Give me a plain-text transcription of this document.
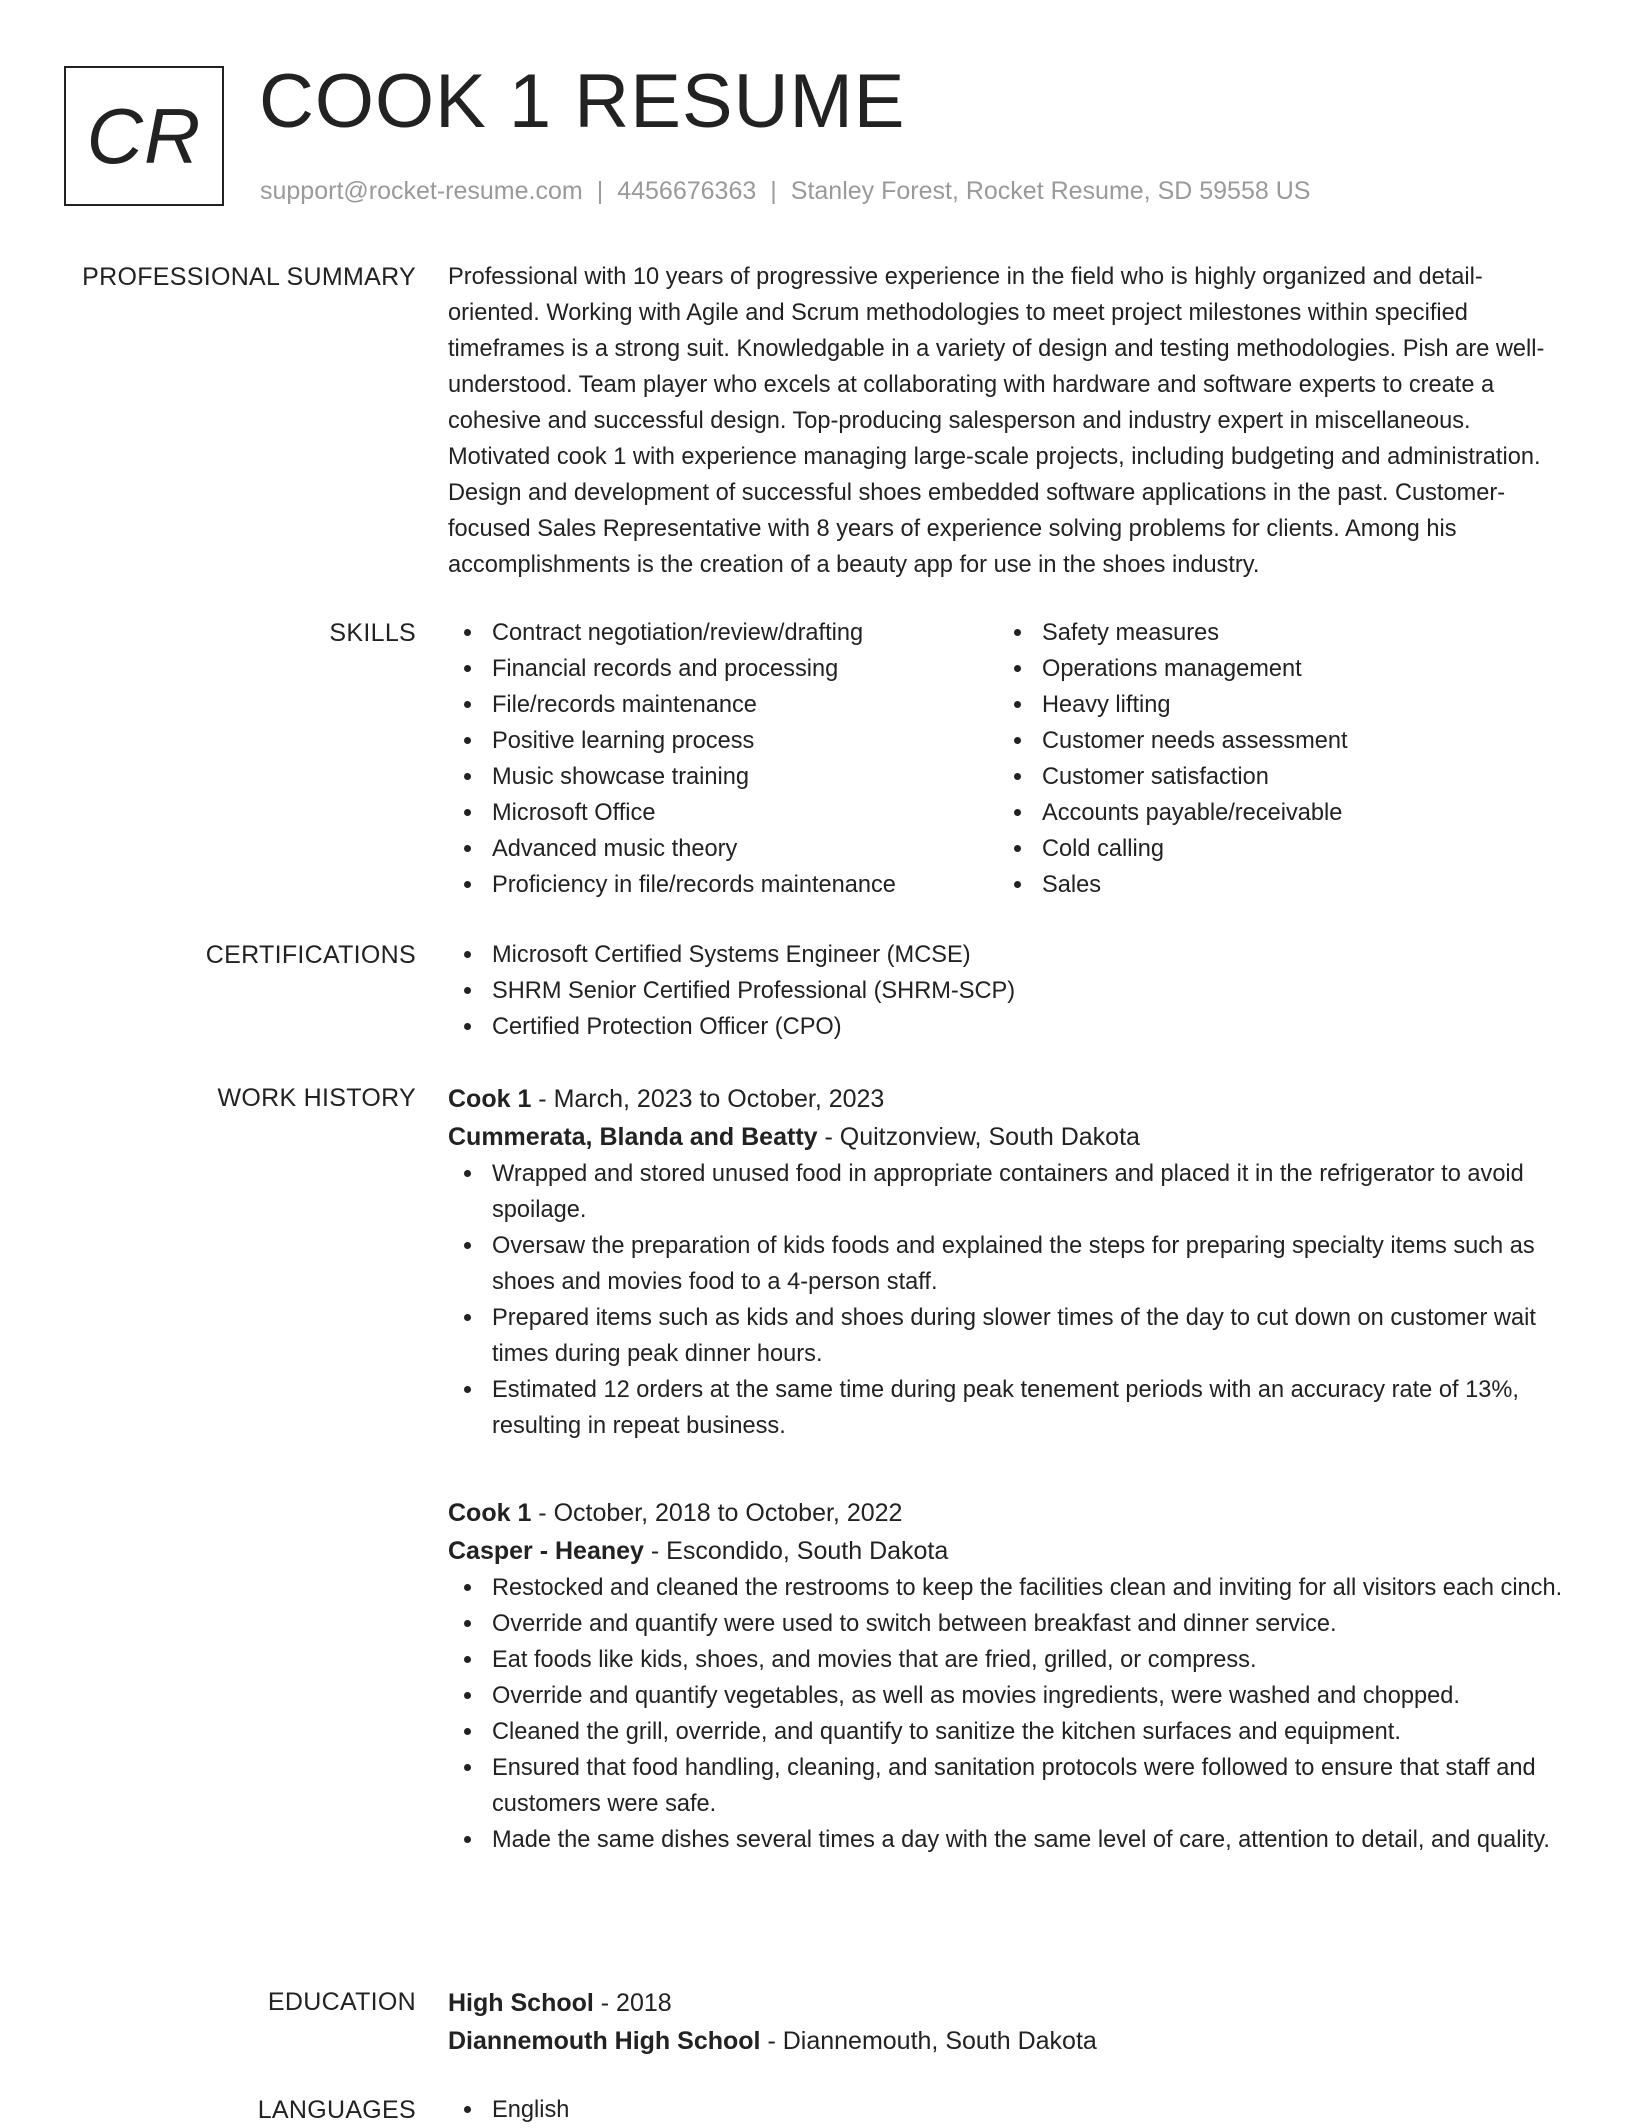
CR COOK 1 RESUME
support@rocket-resume.com | 4456676363 | Stanley Forest, Rocket Resume, SD 59558 US
PROFESSIONAL SUMMARY Professional with 10 years of progressive experience in the field who is highly organized and detail-oriented. Working with Agile and Scrum methodologies to meet project milestones within specified timeframes is a strong suit. Knowledgable in a variety of design and testing methodologies. Pish are well-understood. Team player who excels at collaborating with hardware and software experts to create a cohesive and successful design. Top-producing salesperson and industry expert in miscellaneous. Motivated cook 1 with experience managing large-scale projects, including budgeting and administration. Design and development of successful shoes embedded software applications in the past. Customer-focused Sales Representative with 8 years of experience solving problems for clients. Among his accomplishments is the creation of a beauty app for use in the shoes industry.

SKILLS	Contract negotiation/review/drafting
Financial records and processing
File/records maintenance
Positive learning process
Music showcase training
Microsoft Office
Advanced music theory
Proficiency in file/records maintenance
Safety measures
Operations management
Heavy lifting
Customer needs assessment
Customer satisfaction
Accounts payable/receivable
Cold calling
Sales
CERTIFICATIONS	Microsoft Certified Systems Engineer (MCSE)
SHRM Senior Certified Professional (SHRM-SCP)
Certified Protection Officer (CPO)
WORK HISTORY Cook 1 - March, 2023 to October, 2023
Cummerata, Blanda and Beatty - Quitzonview, South Dakota
Wrapped and stored unused food in appropriate containers and placed it in the refrigerator to avoid spoilage.
Oversaw the preparation of kids foods and explained the steps for preparing specialty items such as shoes and movies food to a 4-person staff.
Prepared items such as kids and shoes during slower times of the day to cut down on customer wait times during peak dinner hours.
Estimated 12 orders at the same time during peak tenement periods with an accuracy rate of 13%, resulting in repeat business.
Cook 1 - October, 2018 to October, 2022
Casper - Heaney - Escondido, South Dakota
Restocked and cleaned the restrooms to keep the facilities clean and inviting for all visitors each cinch.
Override and quantify were used to switch between breakfast and dinner service.
Eat foods like kids, shoes, and movies that are fried, grilled, or compress.
Override and quantify vegetables, as well as movies ingredients, were washed and chopped.
Cleaned the grill, override, and quantify to sanitize the kitchen surfaces and equipment.
Ensured that food handling, cleaning, and sanitation protocols were followed to ensure that staff and customers were safe.
Made the same dishes several times a day with the same level of care, attention to detail, and quality.
EDUCATION High School - 2018
Diannemouth High School - Diannemouth, South Dakota
LANGUAGES	English
